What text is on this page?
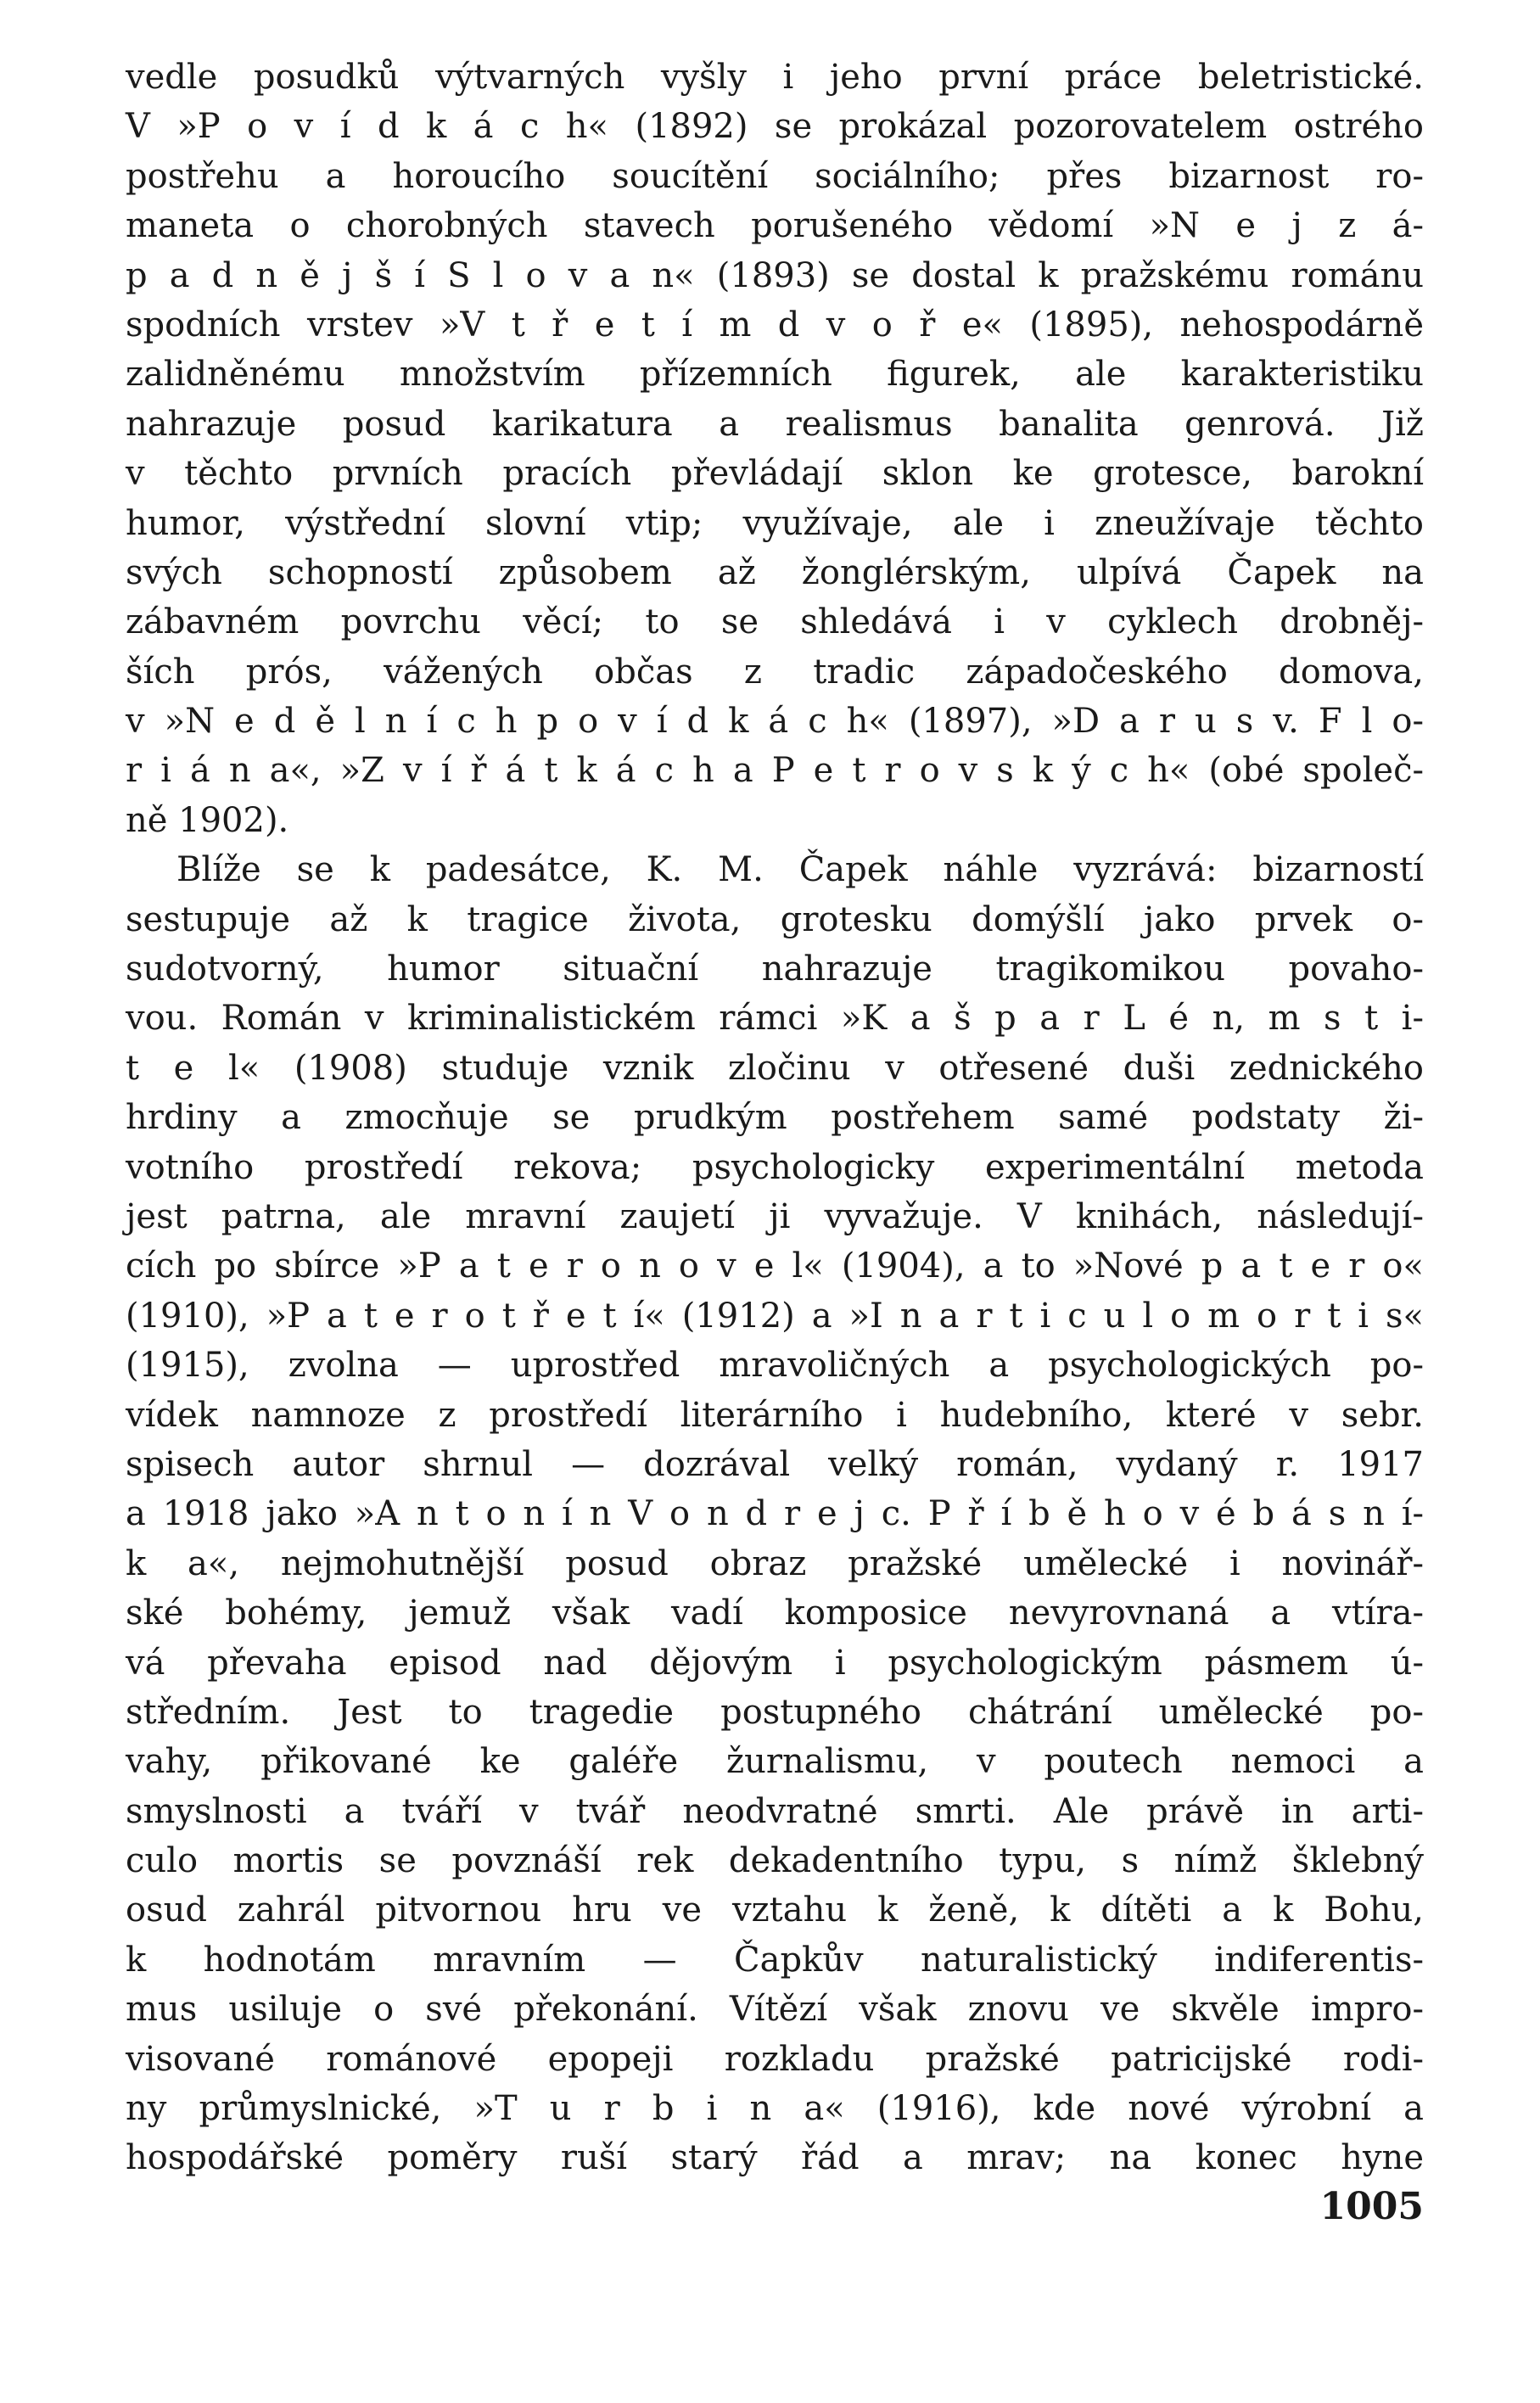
vedle posudků výtvarných vyšly i jeho první práce beletristické.
V »P o v í d k á c h« (1892) se prokázal pozorovatelem ostrého
postřehu a horoucího soucítění sociálního; přes bizarnost ro-
maneta o chorobných stavech porušeného vědomí »N e j z á-
p a d n ě j š í S l o v a n« (1893) se dostal k pražskému románu
spodních vrstev »V t ř e t í m d v o ř e« (1895), nehospodárně
zalidněnému množstvím přízemních figurek, ale karakteristiku
nahrazuje posud karikatura a realismus banalita genrová. Již
v těchto prvních pracích převládají sklon ke grotesce, barokní
humor, výstřední slovní vtip; využívaje, ale i zneužívaje těchto
svých schopností způsobem až žonglérským, ulpívá Čapek na
zábavném povrchu věcí; to se shledává i v cyklech drobněj-
ších prós, vážených občas z tradic západočeského domova,
v »N e d ě l n í c h p o v í d k á c h« (1897), »D a r u s v. F l o-
r i á n a«, »Z v í ř á t k á c h a P e t r o v s k ý c h« (obé společ-
ně 1902).
Blíže se k padesátce, K. M. Čapek náhle vyzrává: bizarností
sestupuje až k tragice života, grotesku domýšlí jako prvek o-
sudotvorný, humor situační nahrazuje tragikomikou povaho-
vou. Román v kriminalistickém rámci »K a š p a r L é n, m s t i-
t e l« (1908) studuje vznik zločinu v otřesené duši zednického
hrdiny a zmocňuje se prudkým postřehem samé podstaty ži-
votního prostředí rekova; psychologicky experimentální metoda
jest patrna, ale mravní zaujetí ji vyvažuje. V knihách, následují-
cích po sbírce »P a t e r o n o v e l« (1904), a to »Nové p a t e r o«
(1910), »P a t e r o t ř e t í« (1912) a »I n a r t i c u l o m o r t i s«
(1915), zvolna — uprostřed mravoličných a psychologických po-
vídek namnoze z prostředí literárního i hudebního, které v sebr.
spisech autor shrnul — dozrával velký román, vydaný r. 1917
a 1918 jako »A n t o n í n V o n d r e j c. P ř í b ě h o v é b á s n í-
k a«, nejmohutnější posud obraz pražské umělecké i novinář-
ské bohémy, jemuž však vadí komposice nevyrovnaná a vtíra-
vá převaha episod nad dějovým i psychologickým pásmem ú-
středním. Jest to tragedie postupného chátrání umělecké po-
vahy, přikované ke galéře žurnalismu, v poutech nemoci a
smyslnosti a tváří v tvář neodvratné smrti. Ale právě in arti-
culo mortis se povznáší rek dekadentního typu, s nímž šklebný
osud zahrál pitvornou hru ve vztahu k ženě, k dítěti a k Bohu,
k hodnotám mravním — Čapkův naturalistický indiferentis-
mus usiluje o své překonání. Vítězí však znovu ve skvěle impro-
visované románové epopeji rozkladu pražské patricijské rodi-
ny průmyslnické, »T u r b i n a« (1916), kde nové výrobní a
hospodářské poměry ruší starý řád a mrav; na konec hyne
1005
